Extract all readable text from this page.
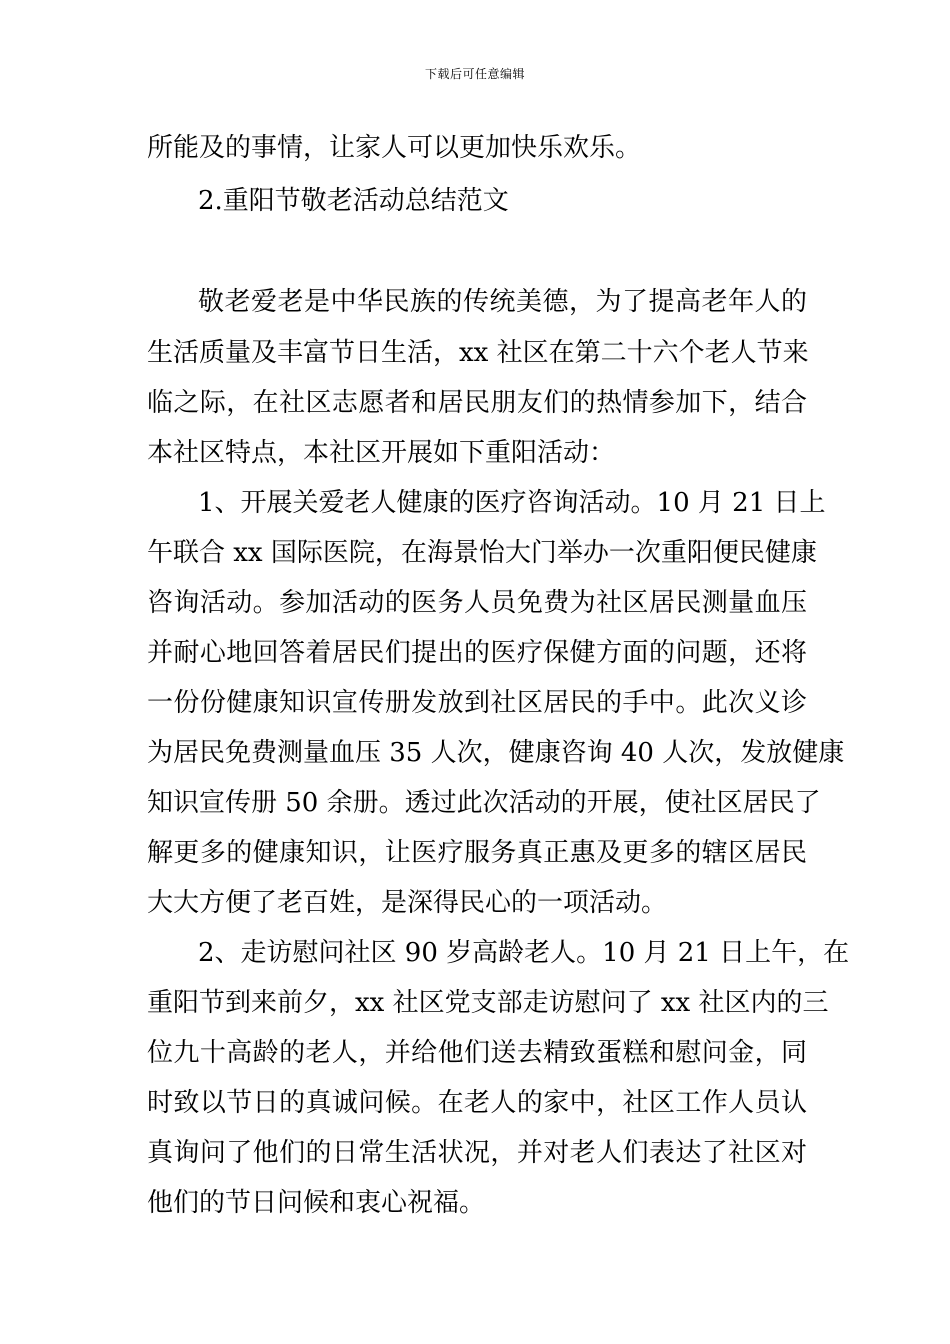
下载后可任意编辑
所能及的事情，让家人可以更加快乐欢乐。
2.重阳节敬老活动总结范文
敬老爱老是中华民族的传统美德，为了提高老年人的
生活质量及丰富节日生活，xx 社区在第二十六个老人节来
临之际，在社区志愿者和居民朋友们的热情参加下，结合
本社区特点，本社区开展如下重阳活动：
1、开展关爱老人健康的医疗咨询活动。10 月 21 日上
午联合 xx 国际医院，在海景怡大门举办一次重阳便民健康
咨询活动。参加活动的医务人员免费为社区居民测量血压
并耐心地回答着居民们提出的医疗保健方面的问题，还将
一份份健康知识宣传册发放到社区居民的手中。此次义诊
为居民免费测量血压 35 人次，健康咨询 40 人次，发放健康
知识宣传册 50 余册。透过此次活动的开展，使社区居民了
解更多的健康知识，让医疗服务真正惠及更多的辖区居民
大大方便了老百姓，是深得民心的一项活动。
2、走访慰问社区 90 岁高龄老人。10 月 21 日上午，在
重阳节到来前夕，xx 社区党支部走访慰问了 xx 社区内的三
位九十高龄的老人，并给他们送去精致蛋糕和慰问金，同
时致以节日的真诚问候。在老人的家中，社区工作人员认
真询问了他们的日常生活状况，并对老人们表达了社区对
他们的节日问候和衷心祝福。
